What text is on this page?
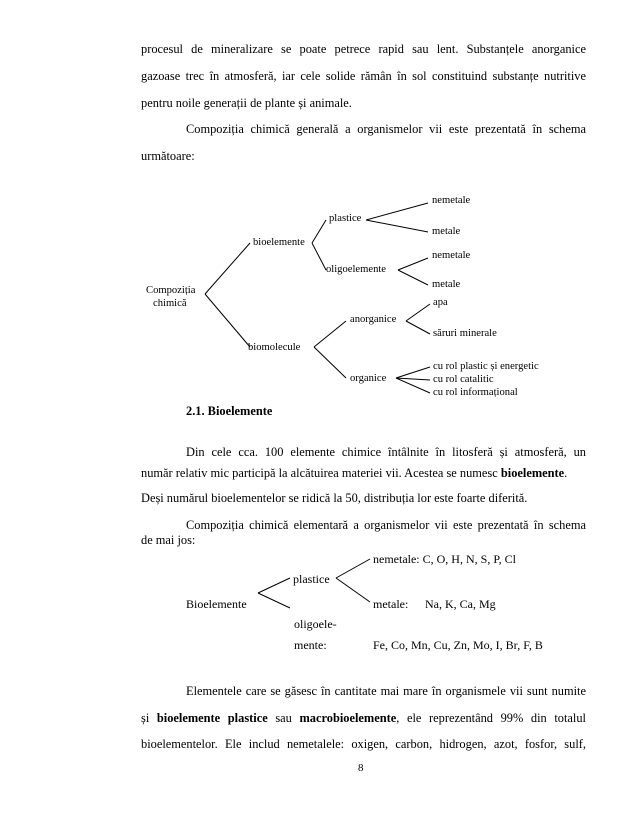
procesul de mineralizare se poate petrece rapid sau lent. Substanțele anorganice
gazoase trec în atmosferă, iar cele solide rămân în sol constituind substanțe nutritive
pentru noile generații de plante și animale.
Compoziția chimică generală a organismelor vii este prezentată în schema
următoare:
Compoziția
chimică
bioelemente
plastice
nemetale
metale
oligoelemente
nemetale
metale
biomolecule
anorganice
apa
săruri minerale
organice
cu rol plastic și energetic
cu rol catalitic
cu rol informațional
2.1. Bioelemente
Din cele cca. 100 elemente chimice întâlnite în litosferă și atmosferă, un
număr relativ mic participă la alcătuirea materiei vii. Acestea se numesc bioelemente.
Deși numărul bioelementelor se ridică la 50, distribuția lor este foarte diferită.
Compoziția chimică elementară a organismelor vii este prezentată în schema
de mai jos:
nemetale: C, O, H, N, S, P, Cl
plastice
Bioelemente	metale: Na, K, Ca, Mg
oligoele-
mente:	Fe, Co, Mn, Cu, Zn, Mo, I, Br, F, B
Elementele care se găsesc în cantitate mai mare în organismele vii sunt numite
și bioelemente plastice sau macrobioelemente, ele reprezentând 99% din totalul
bioelementelor. Ele includ nemetalele: oxigen, carbon, hidrogen, azot, fosfor, sulf,
8
